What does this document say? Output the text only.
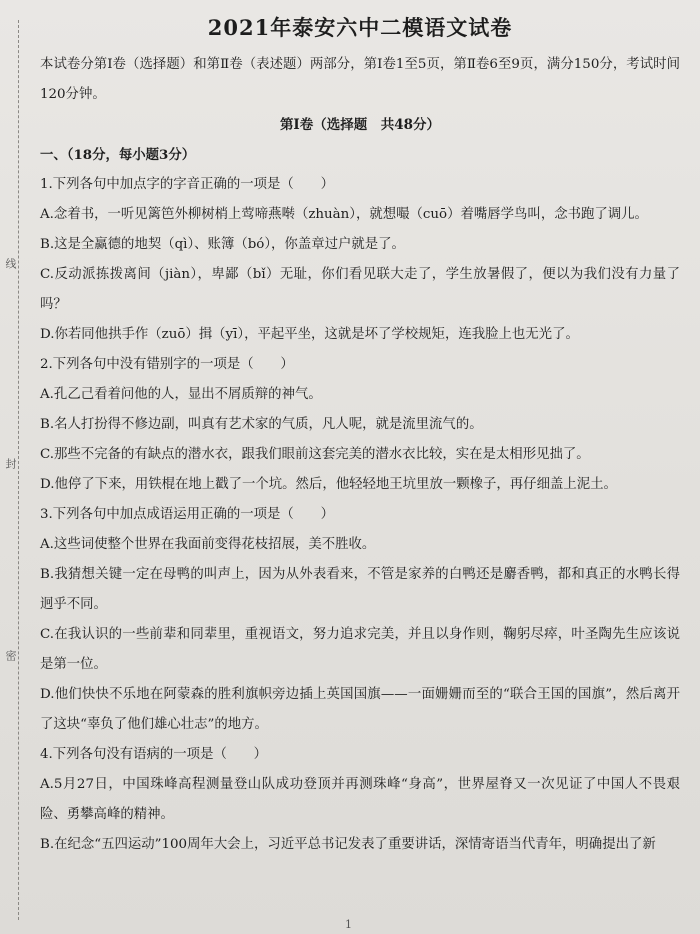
线
封
密
2021年泰安六中二模语文试卷

本试卷分第Ⅰ卷（选择题）和第Ⅱ卷（表述题）两部分，第Ⅰ卷1至5页，第Ⅱ卷6至9页，满分150分，考试时间120分钟。

第Ⅰ卷（选择题　共48分）

一、（18分，每小题3分）

1.下列各句中加点字的字音正确的一项是（　　）

A.念着书，一听见篱笆外柳树梢上莺啼燕啭（zhuàn），就想嘬（cuō）着嘴唇学鸟叫，念书跑了调儿。

B.这是全赢德的地契（qì）、账簿（bó），你盖章过户就是了。

C.反动派拣拨离间（jiàn），卑鄙（bǐ）无耻，你们看见联大走了，学生放暑假了，便以为我们没有力量了吗？

D.你若同他拱手作（zuō）揖（yī），平起平坐，这就是坏了学校规矩，连我脸上也无光了。

2.下列各句中没有错别字的一项是（　　）

A.孔乙己看着问他的人，显出不屑质辩的神气。

B.名人打扮得不修边副，叫真有艺术家的气质，凡人呢，就是流里流气的。

C.那些不完备的有缺点的潜水衣，跟我们眼前这套完美的潜水衣比较，实在是太相形见拙了。

D.他停了下来，用铁棍在地上戳了一个坑。然后，他轻轻地王坑里放一颗橡子，再仔细盖上泥土。

3.下列各句中加点成语运用正确的一项是（　　）

A.这些词使整个世界在我面前变得花枝招展，美不胜收。

B.我猜想关键一定在母鸭的叫声上，因为从外表看来，不管是家养的白鸭还是麝香鸭，都和真正的水鸭长得迥乎不同。

C.在我认识的一些前辈和同辈里，重视语文，努力追求完美，并且以身作则，鞠躬尽瘁，叶圣陶先生应该说是第一位。

D.他们快快不乐地在阿蒙森的胜利旗帜旁边插上英国国旗——一面姗姗而至的“联合王国的国旗”，然后离开了这块“辜负了他们雄心壮志”的地方。

4.下列各句没有语病的一项是（　　）

A.5月27日，中国珠峰高程测量登山队成功登顶并再测珠峰“身高”，世界屋脊又一次见证了中国人不畏艰险、勇攀高峰的精神。

B.在纪念“五四运动”100周年大会上，习近平总书记发表了重要讲话，深情寄语当代青年，明确提出了新

1
